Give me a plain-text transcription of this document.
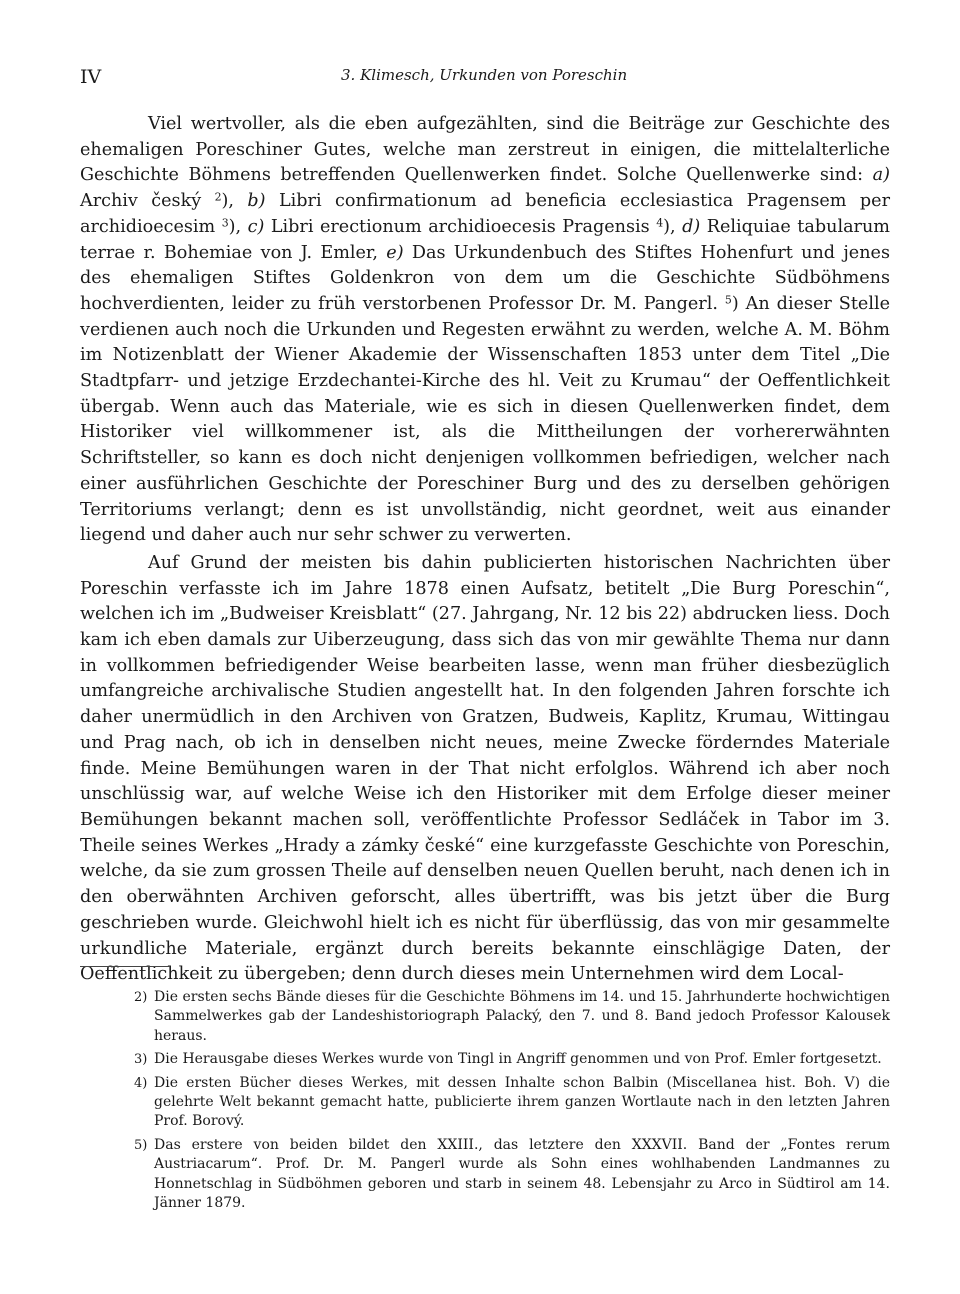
IV	3. Klimesch, Urkunden von Poreschin

Viel wertvoller, als die eben aufgezählten, sind die Beiträge zur Geschichte des ehemaligen Poreschiner Gutes, welche man zerstreut in einigen, die mittelalterliche Geschichte Böhmens betreffenden Quellenwerken findet. Solche Quellenwerke sind: a) Archiv český $^2$), b) Libri confirmationum ad beneficia ecclesiastica Pragensem per archidioecesim $^3$), c) Libri erectionum archidioecesis Pragensis $^4$), d) Reliquiae tabularum terrae r. Bohemiae von J. Emler, e) Das Urkundenbuch des Stiftes Hohenfurt und jenes des ehemaligen Stiftes Goldenkron von dem um die Geschichte Südböhmens hochverdienten, leider zu früh verstorbenen Professor Dr. M. Pangerl. $^5$) An dieser Stelle verdienen auch noch die Urkunden und Regesten erwähnt zu werden, welche A. M. Böhm im Notizenblatt der Wiener Akademie der Wissenschaften 1853 unter dem Titel „Die Stadtpfarr- und jetzige Erzdechantei-Kirche des hl. Veit zu Krumau“ der Oeffentlichkeit übergab. Wenn auch das Materiale, wie es sich in diesen Quellenwerken findet, dem Historiker viel willkommener ist, als die Mittheilungen der vorhererwähnten Schriftsteller, so kann es doch nicht denjenigen vollkommen befriedigen, welcher nach einer ausführlichen Geschichte der Poreschiner Burg und des zu derselben gehörigen Territoriums verlangt; denn es ist unvollständig, nicht geordnet, weit aus einander liegend und daher auch nur sehr schwer zu verwerten.

Auf Grund der meisten bis dahin publicierten historischen Nachrichten über Poreschin verfasste ich im Jahre 1878 einen Aufsatz, betitelt „Die Burg Poreschin“, welchen ich im „Budweiser Kreisblatt“ (27. Jahrgang, Nr. 12 bis 22) abdrucken liess. Doch kam ich eben damals zur Uiberzeugung, dass sich das von mir gewählte Thema nur dann in vollkommen befriedigender Weise bearbeiten lasse, wenn man früher diesbezüglich umfangreiche archivalische Studien angestellt hat. In den folgenden Jahren forschte ich daher unermüdlich in den Archiven von Gratzen, Budweis, Kaplitz, Krumau, Wittingau und Prag nach, ob ich in denselben nicht neues, meine Zwecke förderndes Materiale finde. Meine Bemühungen waren in der That nicht erfolglos. Während ich aber noch unschlüssig war, auf welche Weise ich den Historiker mit dem Erfolge dieser meiner Bemühungen bekannt machen soll, veröffentlichte Professor Sedláček in Tabor im 3. Theile seines Werkes „Hrady a zámky české“ eine kurzgefasste Geschichte von Poreschin, welche, da sie zum grossen Theile auf denselben neuen Quellen beruht, nach denen ich in den oberwähnten Archiven geforscht, alles übertrifft, was bis jetzt über die Burg geschrieben wurde. Gleichwohl hielt ich es nicht für überflüssig, das von mir gesammelte urkundliche Materiale, ergänzt durch bereits bekannte einschlägige Daten, der Oeffentlichkeit zu übergeben; denn durch dieses mein Unternehmen wird dem Local-

2) Die ersten sechs Bände dieses für die Geschichte Böhmens im 14. und 15. Jahrhunderte hochwichtigen Sammelwerkes gab der Landeshistoriograph Palacký, den 7. und 8. Band jedoch Professor Kalousek heraus.
3) Die Herausgabe dieses Werkes wurde von Tingl in Angriff genommen und von Prof. Emler fortgesetzt.
4) Die ersten Bücher dieses Werkes, mit dessen Inhalte schon Balbin (Miscellanea hist. Boh. V) die gelehrte Welt bekannt gemacht hatte, publicierte ihrem ganzen Wortlaute nach in den letzten Jahren Prof. Borový.
5) Das erstere von beiden bildet den XXIII., das letztere den XXXVII. Band der „Fontes rerum Austriacarum“. Prof. Dr. M. Pangerl wurde als Sohn eines wohlhabenden Landmannes zu Honnetschlag in Südböhmen geboren und starb in seinem 48. Lebensjahr zu Arco in Südtirol am 14. Jänner 1879.
